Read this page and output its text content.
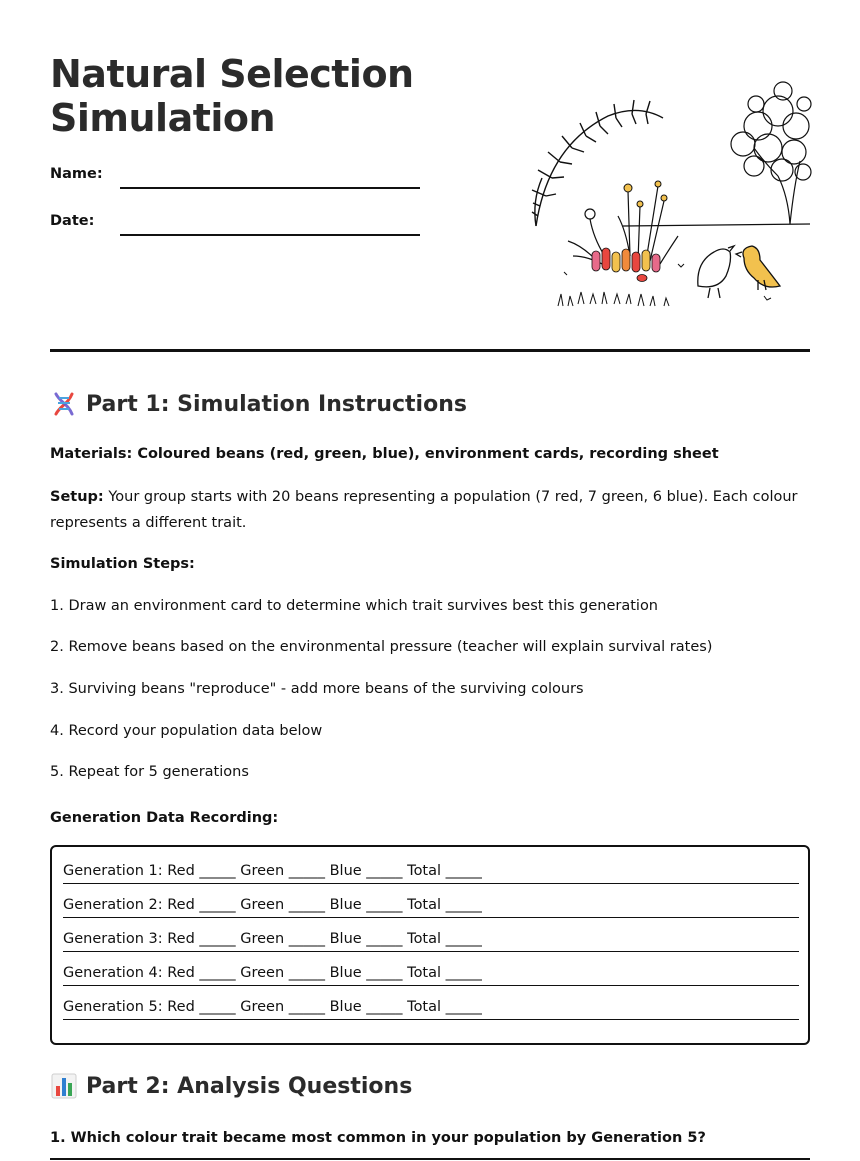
Natural Selection
Simulation
Name:
Date:
Part 1: Simulation Instructions

Materials: Coloured beans (red, green, blue), environment cards, recording sheet

Setup: Your group starts with 20 beans representing a population (7 red, 7 green, 6 blue). Each colour represents a different trait.

Simulation Steps:

1. Draw an environment card to determine which trait survives best this generation

2. Remove beans based on the environmental pressure (teacher will explain survival rates)

3. Surviving beans "reproduce" - add more beans of the surviving colours

4. Record your population data below

5. Repeat for 5 generations

Generation Data Recording:

Generation 1: Red _____ Green _____ Blue _____ Total _____
Generation 2: Red _____ Green _____ Blue _____ Total _____
Generation 3: Red _____ Green _____ Blue _____ Total _____
Generation 4: Red _____ Green _____ Blue _____ Total _____
Generation 5: Red _____ Green _____ Blue _____ Total _____
Part 2: Analysis Questions

1. Which colour trait became most common in your population by Generation 5?
